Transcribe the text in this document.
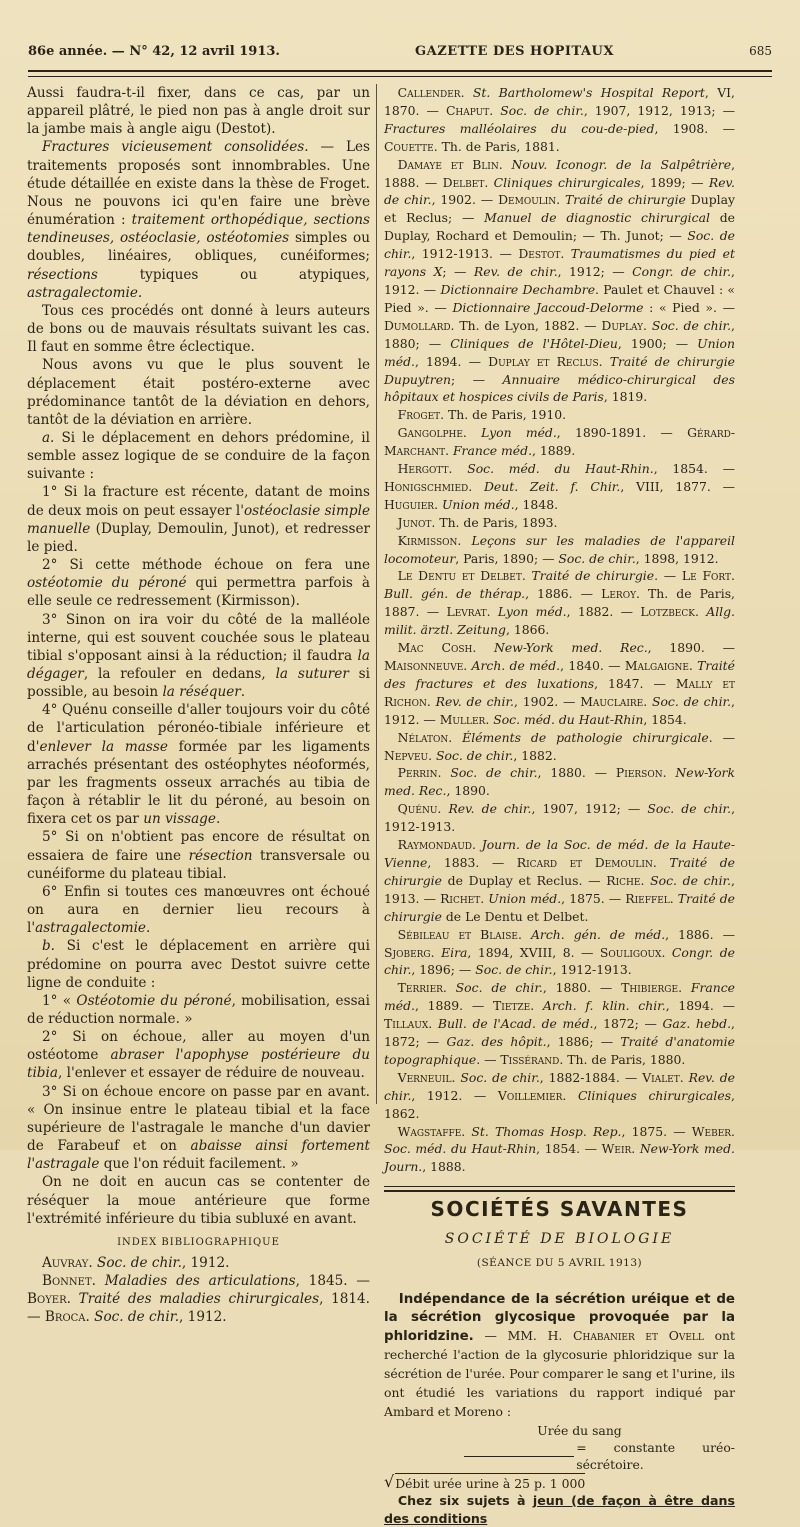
86e année. — N° 42, 12 avril 1913.	GAZETTE DES HOPITAUX	685

Aussi faudra-t-il fixer, dans ce cas, par un appareil plâtré, le pied non pas à angle droit sur la jambe mais à angle aigu (Destot).

Fractures vicieusement consolidées. — Les traitements proposés sont innombrables. Une étude détaillée en existe dans la thèse de Froget. Nous ne pouvons ici qu'en faire une brève énumération : traitement orthopédique, sections tendineuses, ostéoclasie, ostéotomies simples ou doubles, linéaires, obliques, cunéiformes; résections typiques ou atypiques, astragalectomie.

Tous ces procédés ont donné à leurs auteurs de bons ou de mauvais résultats suivant les cas. Il faut en somme être éclectique.

Nous avons vu que le plus souvent le déplacement était postéro-externe avec prédominance tantôt de la déviation en dehors, tantôt de la déviation en arrière.

a. Si le déplacement en dehors prédomine, il semble assez logique de se conduire de la façon suivante :

1° Si la fracture est récente, datant de moins de deux mois on peut essayer l'ostéoclasie simple manuelle (Duplay, Demoulin, Junot), et redresser le pied.

2° Si cette méthode échoue on fera une ostéotomie du péroné qui permettra parfois à elle seule ce redressement (Kirmisson).

3° Sinon on ira voir du côté de la malléole interne, qui est souvent couchée sous le plateau tibial s'opposant ainsi à la réduction; il faudra la dégager, la refouler en dedans, la suturer si possible, au besoin la réséquer.

4° Quénu conseille d'aller toujours voir du côté de l'articulation péronéo-tibiale inférieure et d'enlever la masse formée par les ligaments arrachés présentant des ostéophytes néoformés, par les fragments osseux arrachés au tibia de façon à rétablir le lit du péroné, au besoin on fixera cet os par un vissage.

5° Si on n'obtient pas encore de résultat on essaiera de faire une résection transversale ou cunéiforme du plateau tibial.

6° Enfin si toutes ces manœuvres ont échoué on aura en dernier lieu recours à l'astragalectomie.

b. Si c'est le déplacement en arrière qui prédomine on pourra avec Destot suivre cette ligne de conduite :

1° « Ostéotomie du péroné, mobilisation, essai de réduction normale. »

2° Si on échoue, aller au moyen d'un ostéotome abraser l'apophyse postérieure du tibia, l'enlever et essayer de réduire de nouveau.

3° Si on échoue encore on passe par en avant. « On insinue entre le plateau tibial et la face supérieure de l'astragale le manche d'un davier de Farabeuf et on abaisse ainsi fortement l'astragale que l'on réduit facilement. »

On ne doit en aucun cas se contenter de réséquer la moue antérieure que forme l'extrémité inférieure du tibia subluxé en avant.

INDEX BIBLIOGRAPHIQUE

Auvray. Soc. de chir., 1912.

Bonnet. Maladies des articulations, 1845. — Boyer. Traité des maladies chirurgicales, 1814. — Broca. Soc. de chir., 1912.

Callender. St. Bartholomew's Hospital Report, VI, 1870. — Chaput. Soc. de chir., 1907, 1912, 1913; — Fractures malléolaires du cou-de-pied, 1908. — Couette. Th. de Paris, 1881.

Damaye et Blin. Nouv. Iconogr. de la Salpêtrière, 1888. — Delbet. Cliniques chirurgicales, 1899; — Rev. de chir., 1902. — Demoulin. Traité de chirurgie Duplay et Reclus; — Manuel de diagnostic chirurgical de Duplay, Rochard et Demoulin; — Th. Junot; — Soc. de chir., 1912-1913. — Destot. Traumatismes du pied et rayons X; — Rev. de chir., 1912; — Congr. de chir., 1912. — Dictionnaire Dechambre. Paulet et Chauvel : « Pied ». — Dictionnaire Jaccoud-Delorme : « Pied ». — Dumollard. Th. de Lyon, 1882. — Duplay. Soc. de chir., 1880; — Cliniques de l'Hôtel-Dieu, 1900; — Union méd., 1894. — Duplay et Reclus. Traité de chirurgie Dupuytren; — Annuaire médico-chirurgical des hôpitaux et hospices civils de Paris, 1819.

Froget. Th. de Paris, 1910.

Gangolphe. Lyon méd., 1890-1891. — Gérard-Marchant. France méd., 1889.

Hergott. Soc. méd. du Haut-Rhin., 1854. — Honigschmied. Deut. Zeit. f. Chir., VIII, 1877. — Huguier. Union méd., 1848.

Junot. Th. de Paris, 1893.

Kirmisson. Leçons sur les maladies de l'appareil locomoteur, Paris, 1890; — Soc. de chir., 1898, 1912.

Le Dentu et Delbet. Traité de chirurgie. — Le Fort. Bull. gén. de thérap., 1886. — Leroy. Th. de Paris, 1887. — Levrat. Lyon méd., 1882. — Lotzbeck. Allg. milit. ärztl. Zeitung, 1866.

Mac Cosh. New-York med. Rec., 1890. — Maisonneuve. Arch. de méd., 1840. — Malgaigne. Traité des fractures et des luxations, 1847. — Mally et Richon. Rev. de chir., 1902. — Mauclaire. Soc. de chir., 1912. — Muller. Soc. méd. du Haut-Rhin, 1854.

Nélaton. Éléments de pathologie chirurgicale. — Nepveu. Soc. de chir., 1882.

Perrin. Soc. de chir., 1880. — Pierson. New-York med. Rec., 1890.

Quénu. Rev. de chir., 1907, 1912; — Soc. de chir., 1912-1913.

Raymondaud. Journ. de la Soc. de méd. de la Haute-Vienne, 1883. — Ricard et Demoulin. Traité de chirurgie de Duplay et Reclus. — Riche. Soc. de chir., 1913. — Richet. Union méd., 1875. — Rieffel. Traité de chirurgie de Le Dentu et Delbet.

Sébileau et Blaise. Arch. gén. de méd., 1886. — Sjoberg. Eira, 1894, XVIII, 8. — Souligoux. Congr. de chir., 1896; — Soc. de chir., 1912-1913.

Terrier. Soc. de chir., 1880. — Thibierge. France méd., 1889. — Tietze. Arch. f. klin. chir., 1894. — Tillaux. Bull. de l'Acad. de méd., 1872; — Gaz. hebd., 1872; — Gaz. des hôpit., 1886; — Traité d'anatomie topographique. — Tissérand. Th. de Paris, 1880.

Verneuil. Soc. de chir., 1882-1884. — Vialet. Rev. de chir., 1912. — Voillemier. Cliniques chirurgicales, 1862.

Wagstaffe. St. Thomas Hosp. Rep., 1875. — Weber. Soc. méd. du Haut-Rhin, 1854. — Weir. New-York med. Journ., 1888.

SOCIÉTÉS SAVANTES
SOCIÉTÉ DE BIOLOGIE
(SÉANCE DU 5 AVRIL 1913)

Indépendance de la sécrétion uréique et de la sécrétion glycosique provoquée par la phloridzine. — MM. H. Chabanier et Ovell ont recherché l'action de la glycosurie phloridzique sur la sécrétion de l'urée. Pour comparer le sang et l'urine, ils ont étudié les variations du rapport indiqué par Ambard et Moreno :

Urée du sang
= constante uréo-sécrétoire.
√ Débit urée urine à 25 p. 1 000

Chez six sujets à jeun (de façon à être dans des conditions
